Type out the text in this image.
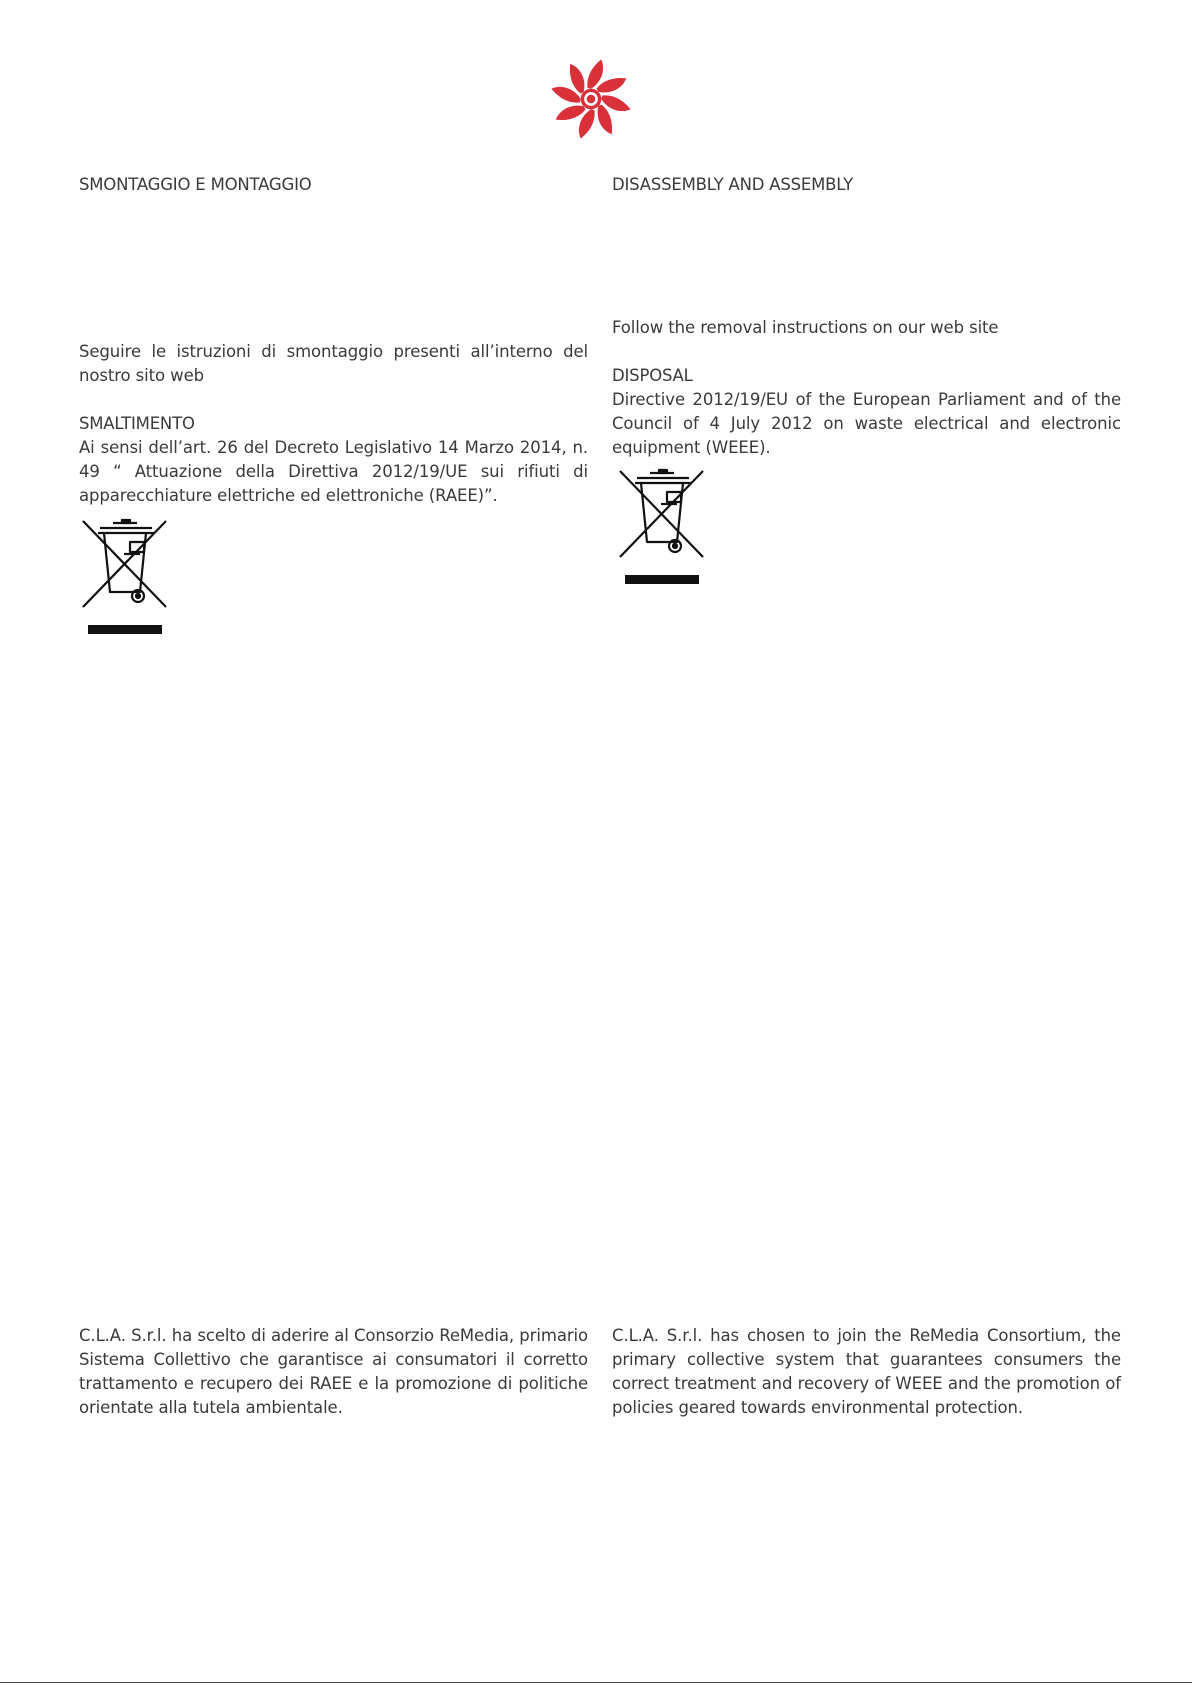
SMONTAGGIO E MONTAGGIO

Seguire le istruzioni di smontaggio presenti all’interno del nostro sito web

SMALTIMENTO

Ai sensi dell’art. 26 del Decreto Legislativo 14 Marzo 2014, n. 49 “ Attuazione della Direttiva 2012/19/UE sui rifiuti di apparecchiature elettriche ed elettroniche (RAEE)”.

C.L.A. S.r.l. ha scelto di aderire al Consorzio ReMedia, primario Sistema Collettivo che garantisce ai consumatori il corretto trattamento e recupero dei RAEE e la promozione di politiche orientate alla tutela ambientale.

DISASSEMBLY AND ASSEMBLY

Follow the removal instructions on our web site

DISPOSAL

Directive 2012/19/EU of the European Parliament and of the Council of 4 July 2012 on waste electrical and electronic equipment (WEEE).

C.L.A. S.r.l. has chosen to join the ReMedia Consortium, the primary collective system that guarantees consumers the correct treatment and recovery of WEEE and the promotion of policies geared towards environmental protection.
